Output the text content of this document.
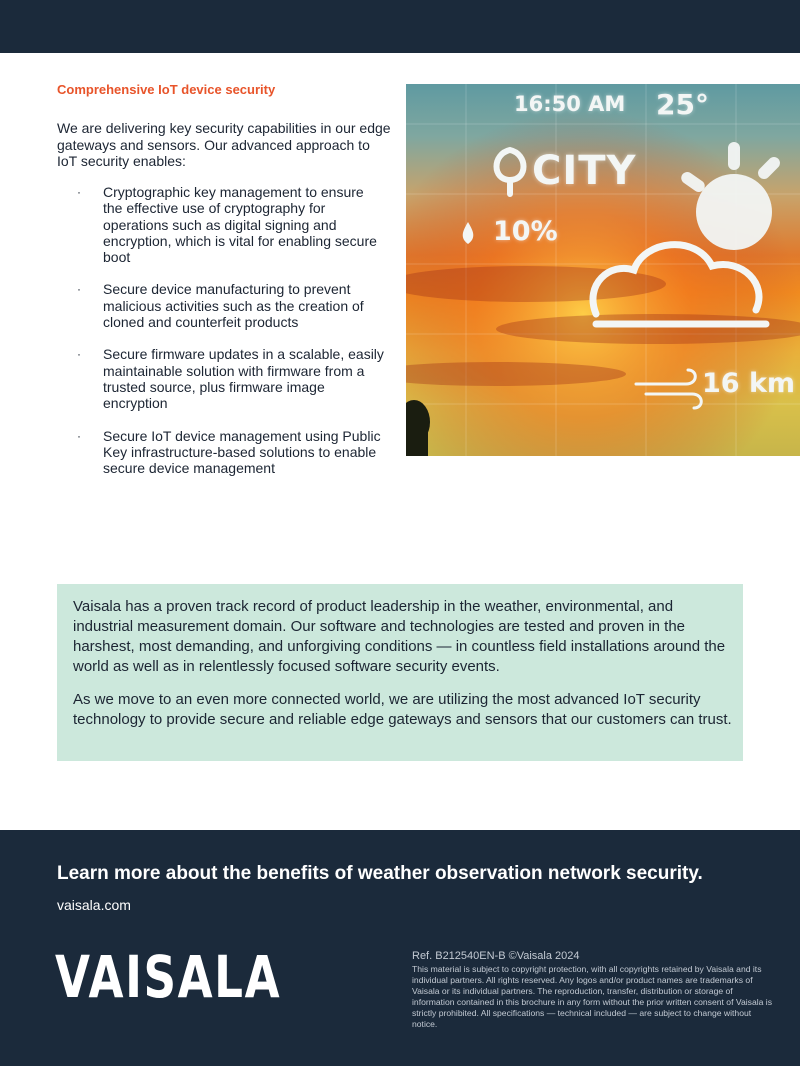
Comprehensive IoT device security

We are delivering key security capabilities in our edge gateways and sensors. Our advanced approach to IoT security enables:

· Cryptographic key management to ensure the effective use of cryptography for operations such as digital signing and encryption, which is vital for enabling secure boot
· Secure device manufacturing to prevent malicious activities such as the creation of cloned and counterfeit products
· Secure firmware updates in a scalable, easily maintainable solution with firmware from a trusted source, plus firmware image encryption
· Secure IoT device management using Public Key infrastructure-based solutions to enable secure device management
16:50 AM 25°
CITY
10%
16 km

Vaisala has a proven track record of product leadership in the weather, environmental, and industrial measurement domain. Our software and technologies are tested and proven in the harshest, most demanding, and unforgiving conditions — in countless field installations around the world as well as in relentlessly focused software security events.

As we move to an even more connected world, we are utilizing the most advanced IoT security technology to provide secure and reliable edge gateways and sensors that our customers can trust.

Learn more about the benefits of weather observation network security.
vaisala.com
VAISALA	Ref. B212540EN-B ©Vaisala 2024

This material is subject to copyright protection, with all copyrights retained by Vaisala and its individual partners. All rights reserved. Any logos and/or product names are trademarks of Vaisala or its individual partners. The reproduction, transfer, distribution or storage of information contained in this brochure in any form without the prior written consent of Vaisala is strictly prohibited. All specifications — technical included — are subject to change without notice.
